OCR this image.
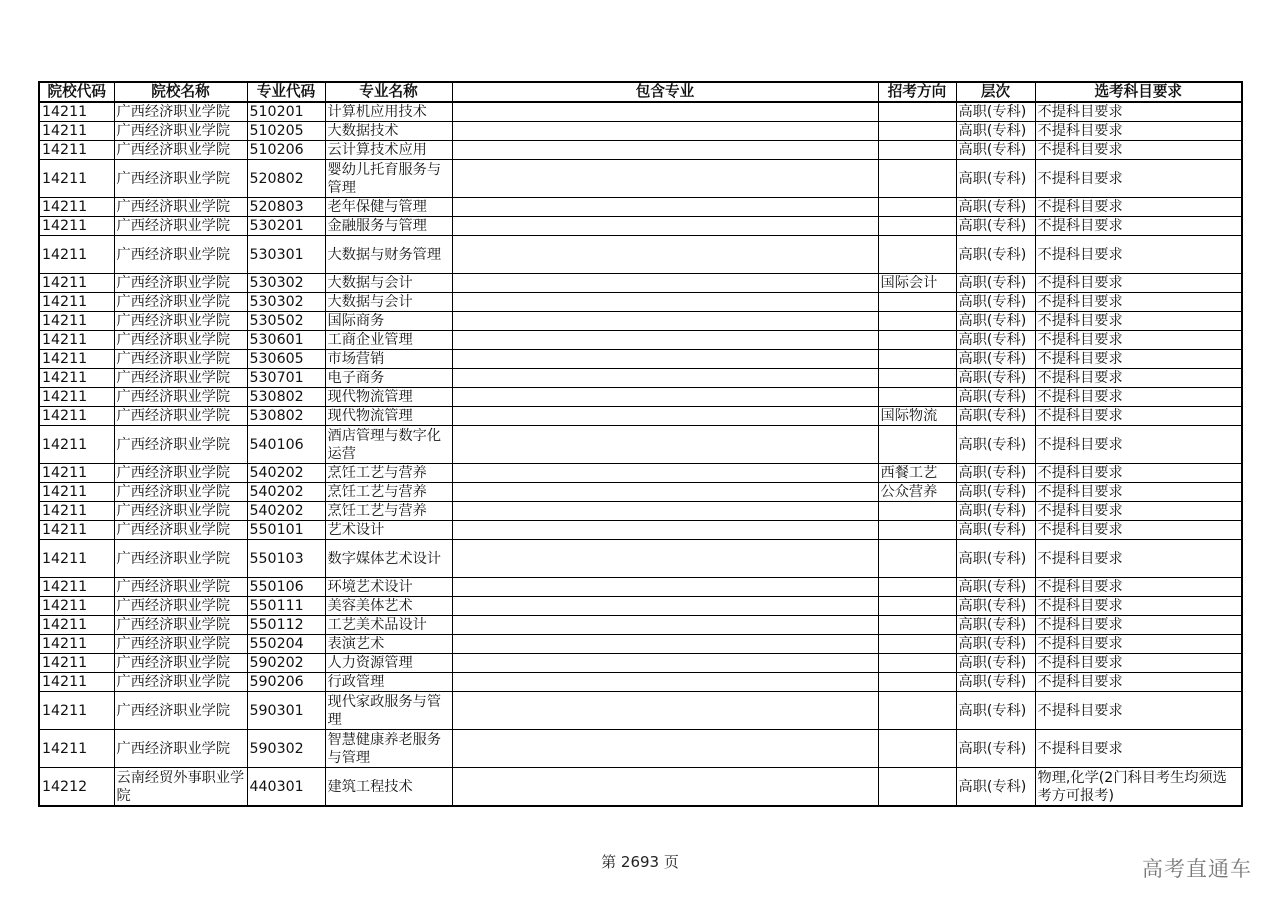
院校代码	院校名称	专业代码	专业名称	包含专业	招考方向	层次	选考科目要求
14211	广西经济职业学院	510201	计算机应用技术			高职(专科)	不提科目要求
14211	广西经济职业学院	510205	大数据技术			高职(专科)	不提科目要求
14211	广西经济职业学院	510206	云计算技术应用			高职(专科)	不提科目要求
14211	广西经济职业学院	520802	婴幼儿托育服务与管理			高职(专科)	不提科目要求
14211	广西经济职业学院	520803	老年保健与管理			高职(专科)	不提科目要求
14211	广西经济职业学院	530201	金融服务与管理			高职(专科)	不提科目要求
14211	广西经济职业学院	530301	大数据与财务管理			高职(专科)	不提科目要求
14211	广西经济职业学院	530302	大数据与会计		国际会计	高职(专科)	不提科目要求
14211	广西经济职业学院	530302	大数据与会计			高职(专科)	不提科目要求
14211	广西经济职业学院	530502	国际商务			高职(专科)	不提科目要求
14211	广西经济职业学院	530601	工商企业管理			高职(专科)	不提科目要求
14211	广西经济职业学院	530605	市场营销			高职(专科)	不提科目要求
14211	广西经济职业学院	530701	电子商务			高职(专科)	不提科目要求
14211	广西经济职业学院	530802	现代物流管理			高职(专科)	不提科目要求
14211	广西经济职业学院	530802	现代物流管理		国际物流	高职(专科)	不提科目要求
14211	广西经济职业学院	540106	酒店管理与数字化运营			高职(专科)	不提科目要求
14211	广西经济职业学院	540202	烹饪工艺与营养		西餐工艺	高职(专科)	不提科目要求
14211	广西经济职业学院	540202	烹饪工艺与营养		公众营养	高职(专科)	不提科目要求
14211	广西经济职业学院	540202	烹饪工艺与营养			高职(专科)	不提科目要求
14211	广西经济职业学院	550101	艺术设计			高职(专科)	不提科目要求
14211	广西经济职业学院	550103	数字媒体艺术设计			高职(专科)	不提科目要求
14211	广西经济职业学院	550106	环境艺术设计			高职(专科)	不提科目要求
14211	广西经济职业学院	550111	美容美体艺术			高职(专科)	不提科目要求
14211	广西经济职业学院	550112	工艺美术品设计			高职(专科)	不提科目要求
14211	广西经济职业学院	550204	表演艺术			高职(专科)	不提科目要求
14211	广西经济职业学院	590202	人力资源管理			高职(专科)	不提科目要求
14211	广西经济职业学院	590206	行政管理			高职(专科)	不提科目要求
14211	广西经济职业学院	590301	现代家政服务与管理			高职(专科)	不提科目要求
14211	广西经济职业学院	590302	智慧健康养老服务与管理			高职(专科)	不提科目要求
14212	云南经贸外事职业学院	440301	建筑工程技术			高职(专科)	物理,化学(2门科目考生均须选考方可报考)
第 2693 页	高考直通车
